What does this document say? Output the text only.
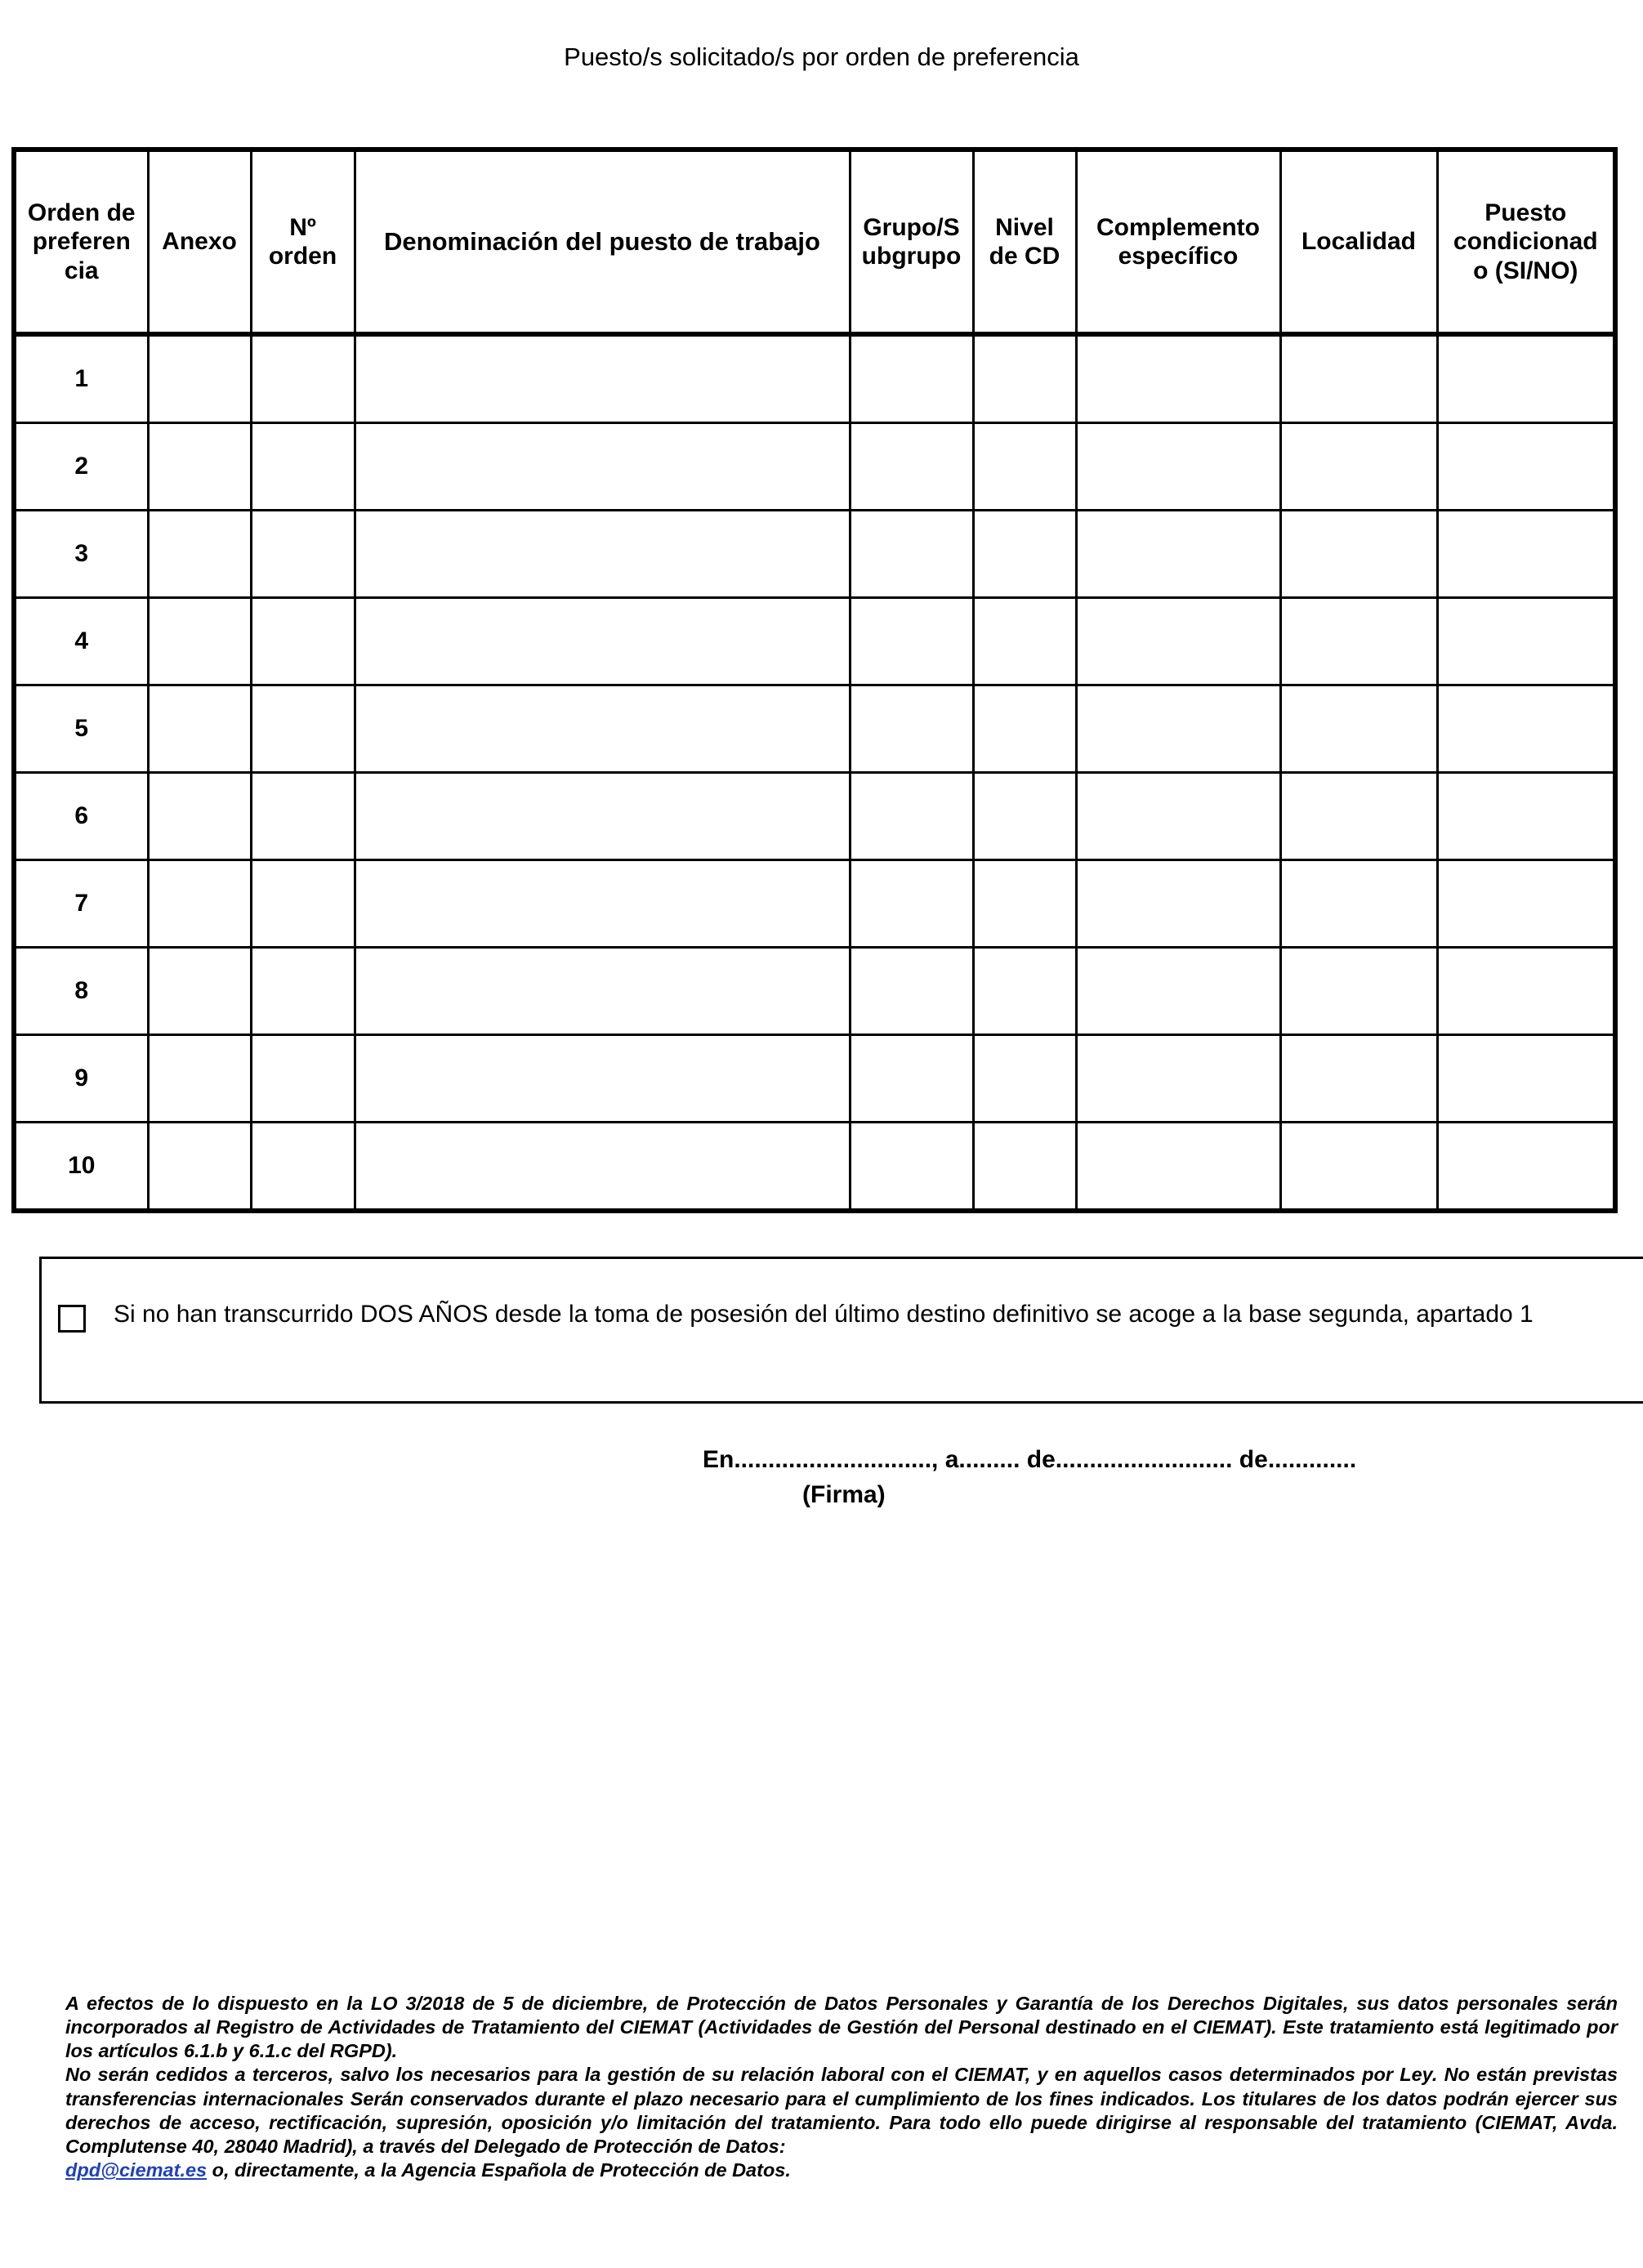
Puesto/s solicitado/s por orden de preferencia
Orden de preferen cia	Anexo	Nº orden	Denominación del puesto de trabajo	Grupo/S ubgrupo	Nivel de CD	Complemento específico	Localidad	Puesto condicionad o (SI/NO)
1								
2								
3								
4								
5								
6								
7								
8								
9								
10								
Si no han transcurrido DOS AÑOS desde la toma de posesión del último destino definitivo se acoge a la base segunda, apartado 1
En............................., a......... de.......................... de.............
(Firma)

A efectos de lo dispuesto en la LO 3/2018 de 5 de diciembre, de Protección de Datos Personales y Garantía de los Derechos Digitales, sus datos personales serán incorporados al Registro de Actividades de Tratamiento del CIEMAT (Actividades de Gestión del Personal destinado en el CIEMAT). Este tratamiento está legitimado por los artículos 6.1.b y 6.1.c del RGPD).

No serán cedidos a terceros, salvo los necesarios para la gestión de su relación laboral con el CIEMAT, y en aquellos casos determinados por Ley. No están previstas transferencias internacionales Serán conservados durante el plazo necesario para el cumplimiento de los fines indicados. Los titulares de los datos podrán ejercer sus derechos de acceso, rectificación, supresión, oposición y/o limitación del tratamiento. Para todo ello puede dirigirse al responsable del tratamiento (CIEMAT, Avda. Complutense 40, 28040 Madrid), a través del Delegado de Protección de Datos:
dpd@ciemat.es o, directamente, a la Agencia Española de Protección de Datos.
